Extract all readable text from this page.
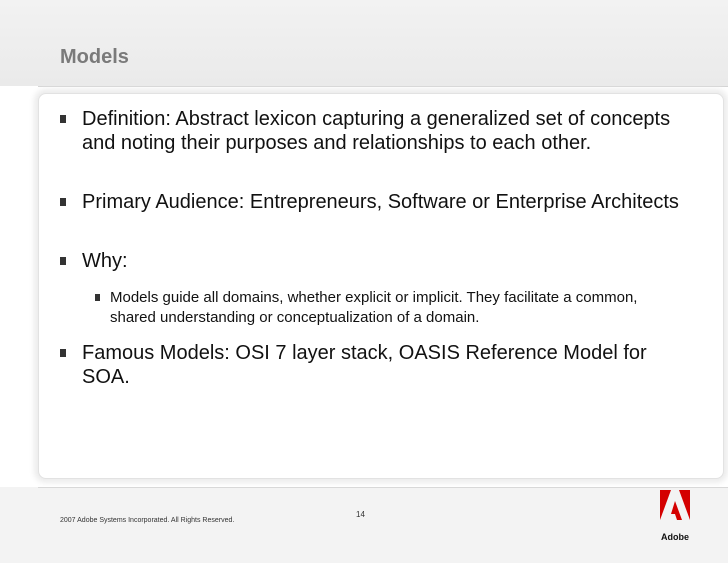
Models
Definition: Abstract lexicon capturing a generalized set of concepts and noting their purposes and relationships to each other.
Primary Audience: Entrepreneurs, Software or Enterprise Architects
Why:
Models guide all domains, whether explicit or implicit. They facilitate a common, shared understanding or conceptualization of a domain.
Famous Models: OSI 7 layer stack, OASIS Reference Model for SOA.
14
2007 Adobe Systems Incorporated. All Rights Reserved.
Adobe
